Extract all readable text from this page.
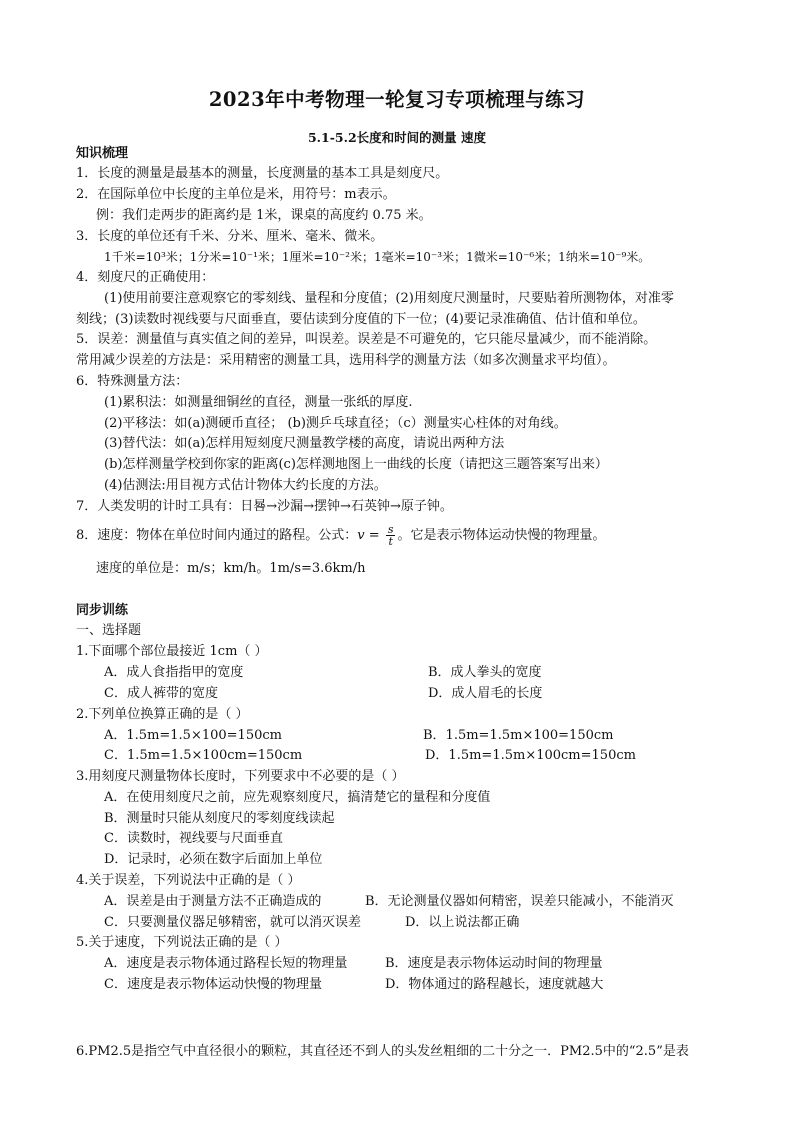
2023年中考物理一轮复习专项梳理与练习
5.1-5.2长度和时间的测量 速度
知识梳理
1．长度的测量是最基本的测量，长度测量的基本工具是刻度尺。
2．在国际单位中长度的主单位是米，用符号：m表示。
例：我们走两步的距离约是 1米，课桌的高度约 0.75 米。
3．长度的单位还有千米、分米、厘米、毫米、微米。
1千米=10³米；1分米=10⁻¹米；1厘米=10⁻²米；1毫米=10⁻³米；1微米=10⁻⁶米；1纳米=10⁻⁹米。
4．刻度尺的正确使用：
(1)使用前要注意观察它的零刻线、量程和分度值；(2)用刻度尺测量时，尺要贴着所测物体，对准零
刻线；(3)读数时视线要与尺面垂直，要估读到分度值的下一位；(4)要记录准确值、估计值和单位。
5．误差：测量值与真实值之间的差异，叫误差。误差是不可避免的，它只能尽量减少，而不能消除。
常用减少误差的方法是：采用精密的测量工具，选用科学的测量方法（如多次测量求平均值）。
6．特殊测量方法：
(1)累积法：如测量细铜丝的直径，测量一张纸的厚度.
(2)平移法：如(a)测硬币直径； (b)测乒乓球直径；（c）测量实心柱体的对角线。
(3)替代法：如(a)怎样用短刻度尺测量教学楼的高度，请说出两种方法
(b)怎样测量学校到你家的距离(c)怎样测地图上一曲线的长度（请把这三题答案写出来）
(4)估测法:用目视方式估计物体大约长度的方法。
7．人类发明的计时工具有：日晷→沙漏→摆钟→石英钟→原子钟。
8．速度：物体在单位时间内通过的路程。公式：$v = \frac{s}{t}$ 。它是表示物体运动快慢的物理量。
速度的单位是：m/s；km/h。1m/s=3.6km/h
同步训练
一、选择题
1.下面哪个部位最接近 1cm（ ）
A．成人食指指甲的宽度	B．成人拳头的宽度
C．成人裤带的宽度	D．成人眉毛的长度
2.下列单位换算正确的是（ ）
A．1.5m=1.5×100=150cm	B．1.5m=1.5m×100=150cm
C．1.5m=1.5×100cm=150cm	D．1.5m=1.5m×100cm=150cm
3.用刻度尺测量物体长度时，下列要求中不必要的是（ ）
A．在使用刻度尺之前，应先观察刻度尺，搞清楚它的量程和分度值
B．测量时只能从刻度尺的零刻度线读起
C．读数时，视线要与尺面垂直
D．记录时，必须在数字后面加上单位
4.关于误差，下列说法中正确的是（ ）
A．误差是由于测量方法不正确造成的	B．无论测量仪器如何精密，误差只能减小，不能消灭
C．只要测量仪器足够精密，就可以消灭误差	D．以上说法都正确
5.关于速度，下列说法正确的是（ ）
A．速度是表示物体通过路程长短的物理量	B．速度是表示物体运动时间的物理量
C．速度是表示物体运动快慢的物理量	D．物体通过的路程越长，速度就越大
6.PM2.5是指空气中直径很小的颗粒，其直径还不到人的头发丝粗细的二十分之一．PM2.5中的“2.5”是表
